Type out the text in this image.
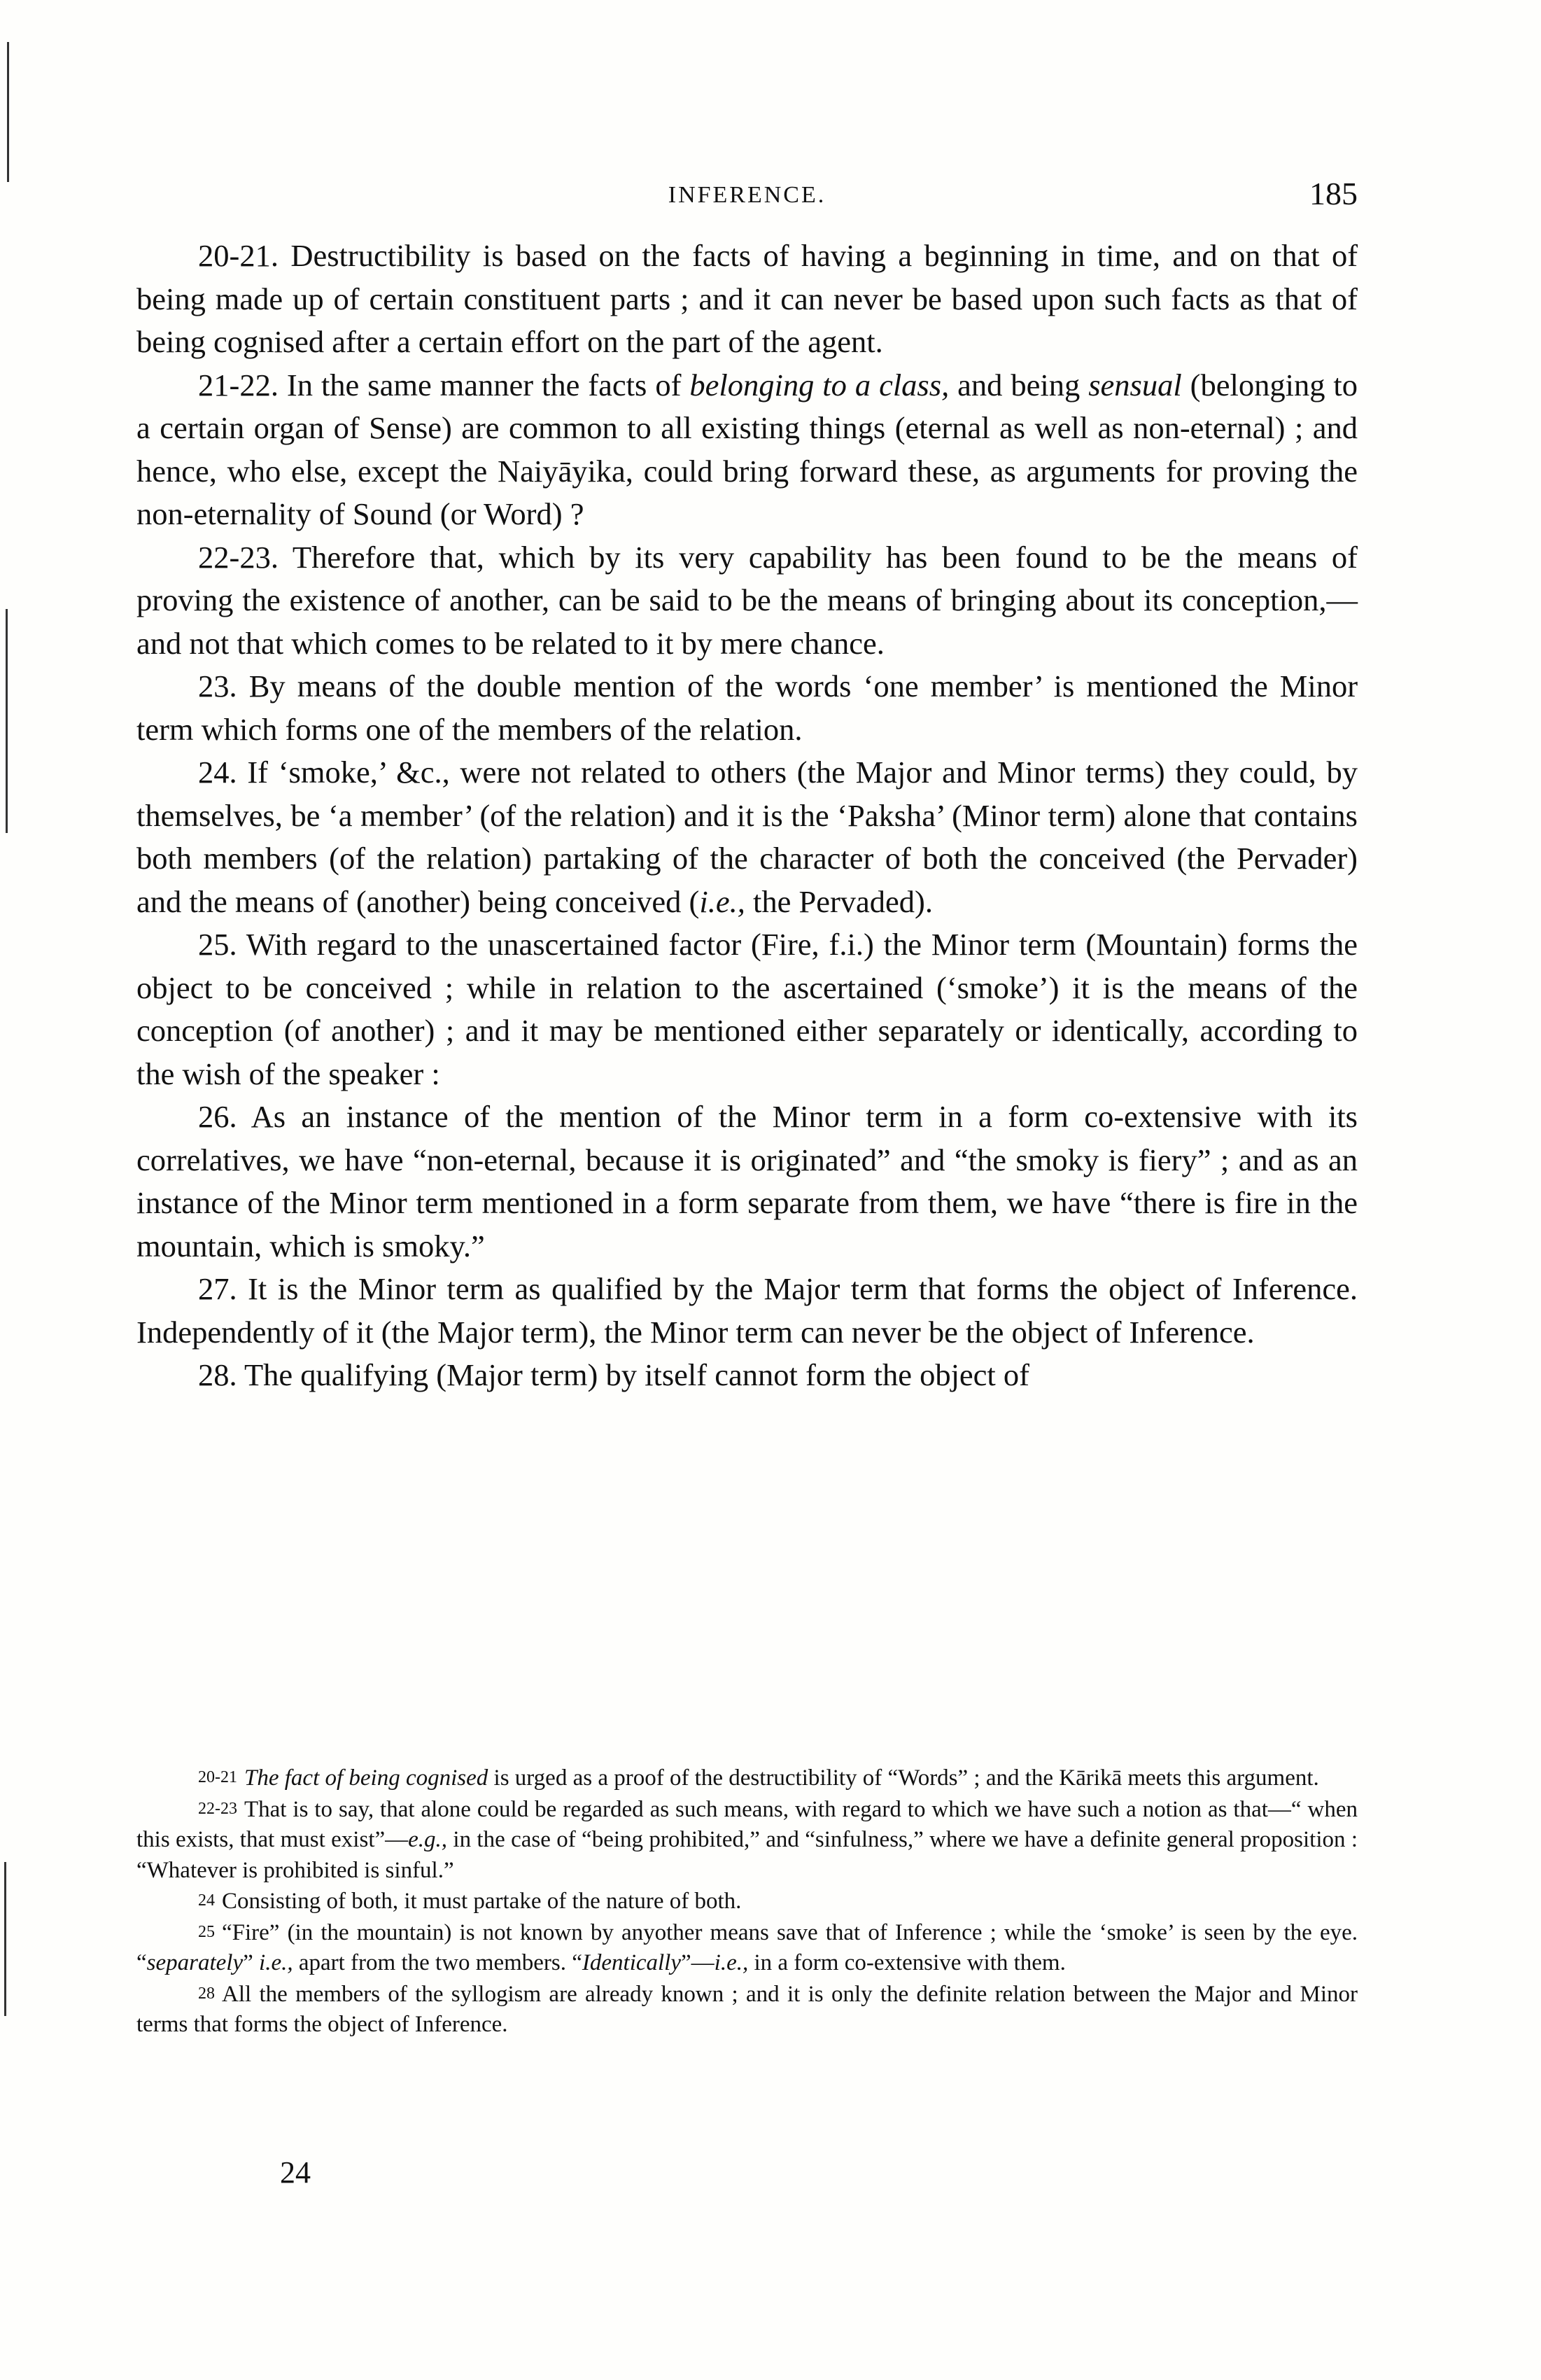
INFERENCE.	185

20-21. Destructibility is based on the facts of having a beginning in time, and on that of being made up of certain constituent parts ; and it can never be based upon such facts as that of being cognised after a certain effort on the part of the agent.

21-22. In the same manner the facts of belonging to a class, and being sensual (belonging to a certain organ of Sense) are common to all existing things (eternal as well as non-eternal) ; and hence, who else, except the Naiyāyika, could bring forward these, as arguments for proving the non-eternality of Sound (or Word) ?

22-23. Therefore that, which by its very capability has been found to be the means of proving the existence of another, can be said to be the means of bringing about its conception,—and not that which comes to be related to it by mere chance.

23. By means of the double mention of the words ‘one member’ is mentioned the Minor term which forms one of the members of the relation.

24. If ‘smoke,’ &c., were not related to others (the Major and Minor terms) they could, by themselves, be ‘a member’ (of the relation) and it is the ‘Paksha’ (Minor term) alone that contains both members (of the relation) partaking of the character of both the conceived (the Pervader) and the means of (another) being conceived (i.e., the Pervaded).

25. With regard to the unascertained factor (Fire, f.i.) the Minor term (Mountain) forms the object to be conceived ; while in relation to the ascertained (‘smoke’) it is the means of the conception (of another) ; and it may be mentioned either separately or identically, according to the wish of the speaker :

26. As an instance of the mention of the Minor term in a form co-extensive with its correlatives, we have “non-eternal, because it is originated” and “the smoky is fiery” ; and as an instance of the Minor term mentioned in a form separate from them, we have “there is fire in the mountain, which is smoky.”

27. It is the Minor term as qualified by the Major term that forms the object of Inference. Independently of it (the Major term), the Minor term can never be the object of Inference.

28. The qualifying (Major term) by itself cannot form the object of

20-21 The fact of being cognised is urged as a proof of the destructibility of “Words” ; and the Kārikā meets this argument.

22-23 That is to say, that alone could be regarded as such means, with regard to which we have such a notion as that—“ when this exists, that must exist”—e.g., in the case of “being prohibited,” and “sinfulness,” where we have a definite general proposition : “Whatever is prohibited is sinful.”

24 Consisting of both, it must partake of the nature of both.

25 “Fire” (in the mountain) is not known by anyother means save that of Inference ; while the ‘smoke’ is seen by the eye. “separately” i.e., apart from the two members. “Identically”—i.e., in a form co-extensive with them.

28 All the members of the syllogism are already known ; and it is only the definite relation between the Major and Minor terms that forms the object of Inference.

24
